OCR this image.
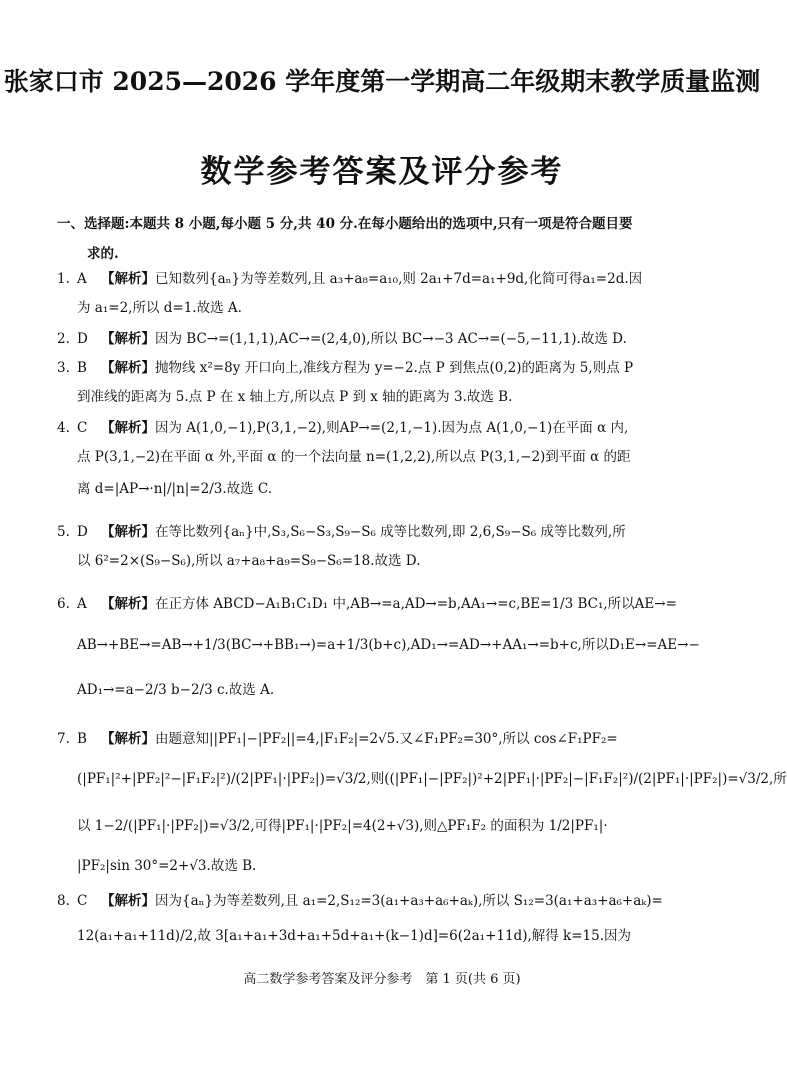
张家口市 2025—2026 学年度第一学期高二年级期末教学质量监测
数学参考答案及评分参考
一、选择题:本题共 8 小题,每小题 5 分,共 40 分.在每小题给出的选项中,只有一项是符合题目要
求的.

1. A 【解析】已知数列{aₙ}为等差数列,且 a₃+a₈=a₁₀,则 2a₁+7d=a₁+9d,化简可得a₁=2d.因

为 a₁=2,所以 d=1.故选 A.

2. D 【解析】因为 BC→=(1,1,1),AC→=(2,4,0),所以 BC→−3 AC→=(−5,−11,1).故选 D.

3. B 【解析】抛物线 x²=8y 开口向上,准线方程为 y=−2.点 P 到焦点(0,2)的距离为 5,则点 P

到准线的距离为 5.点 P 在 x 轴上方,所以点 P 到 x 轴的距离为 3.故选 B.

4. C 【解析】因为 A(1,0,−1),P(3,1,−2),则AP→=(2,1,−1).因为点 A(1,0,−1)在平面 α 内,

点 P(3,1,−2)在平面 α 外,平面 α 的一个法向量 n=(1,2,2),所以点 P(3,1,−2)到平面 α 的距

离 d=|AP→·n|/|n|=2/3.故选 C.

5. D 【解析】在等比数列{aₙ}中,S₃,S₆−S₃,S₉−S₆ 成等比数列,即 2,6,S₉−S₆ 成等比数列,所

以 6²=2×(S₉−S₆),所以 a₇+a₈+a₉=S₉−S₆=18.故选 D.

6. A 【解析】在正方体 ABCD−A₁B₁C₁D₁ 中,AB→=a,AD→=b,AA₁→=c,BE=1/3 BC₁,所以AE→=

AB→+BE→=AB→+1/3(BC→+BB₁→)=a+1/3(b+c),AD₁→=AD→+AA₁→=b+c,所以D₁E→=AE→−

AD₁→=a−2/3 b−2/3 c.故选 A.

7. B 【解析】由题意知||PF₁|−|PF₂||=4,|F₁F₂|=2√5.又∠F₁PF₂=30°,所以 cos∠F₁PF₂=

(|PF₁|²+|PF₂|²−|F₁F₂|²)/(2|PF₁|·|PF₂|)=√3/2,则((|PF₁|−|PF₂|)²+2|PF₁|·|PF₂|−|F₁F₂|²)/(2|PF₁|·|PF₂|)=√3/2,所

以 1−2/(|PF₁|·|PF₂|)=√3/2,可得|PF₁|·|PF₂|=4(2+√3),则△PF₁F₂ 的面积为 1/2|PF₁|·

|PF₂|sin 30°=2+√3.故选 B.

8. C 【解析】因为{aₙ}为等差数列,且 a₁=2,S₁₂=3(a₁+a₃+a₆+aₖ),所以 S₁₂=3(a₁+a₃+a₆+aₖ)=

12(a₁+a₁+11d)/2,故 3[a₁+a₁+3d+a₁+5d+a₁+(k−1)d]=6(2a₁+11d),解得 k=15.因为

高二数学参考答案及评分参考　第 1 页(共 6 页)
